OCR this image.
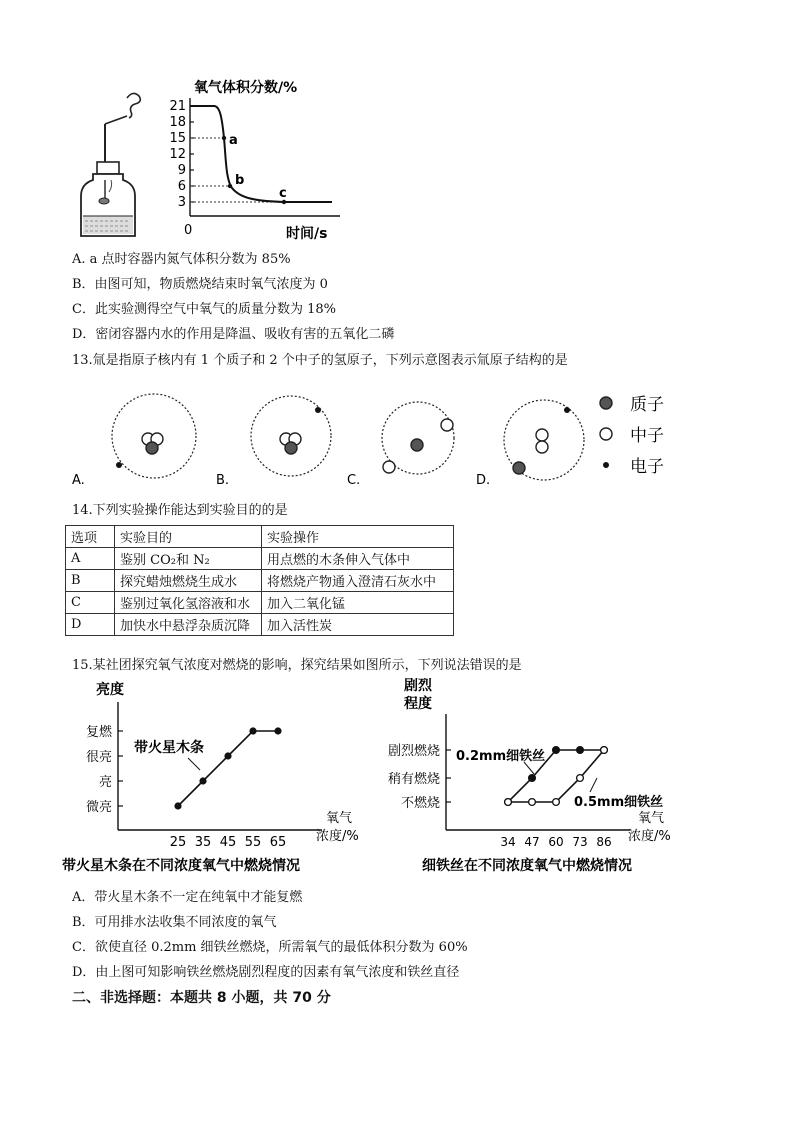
氧气体积分数/%
21
18
15
12
9
6
3
a
b
c
0	时间/s
A. a 点时容器内氮气体积分数为 85%
B．由图可知，物质燃烧结束时氧气浓度为 0
C．此实验测得空气中氧气的质量分数为 18%
D．密闭容器内水的作用是降温、吸收有害的五氧化二磷
13.氚是指原子核内有 1 个质子和 2 个中子的氢原子，下列示意图表示氚原子结构的是
A.	B.	C.	D.
质子
中子
电子
14.下列实验操作能达到实验目的的是
选项	实验目的	实验操作
A	鉴别 CO₂和 N₂	用点燃的木条伸入气体中
B	探究蜡烛燃烧生成水	将燃烧产物通入澄清石灰水中
C	鉴别过氧化氢溶液和水	加入二氧化锰
D	加快水中悬浮杂质沉降	加入活性炭
15.某社团探究氧气浓度对燃烧的影响，探究结果如图所示，下列说法错误的是
亮度
微亮
亮
很亮
复燃
25 35 45 55 65
带火星木条
氧气
浓度/%
带火星木条在不同浓度氧气中燃烧情况
剧烈
程度
不燃烧
稍有燃烧
剧烈燃烧
34 47 60 73 86
0.2mm细铁丝
0.5mm细铁丝
氧气
浓度/%
细铁丝在不同浓度氧气中燃烧情况
A．带火星木条不一定在纯氧中才能复燃
B．可用排水法收集不同浓度的氧气
C．欲使直径 0.2mm 细铁丝燃烧，所需氧气的最低体积分数为 60%
D．由上图可知影响铁丝燃烧剧烈程度的因素有氧气浓度和铁丝直径
二、非选择题：本题共 8 小题，共 70 分
